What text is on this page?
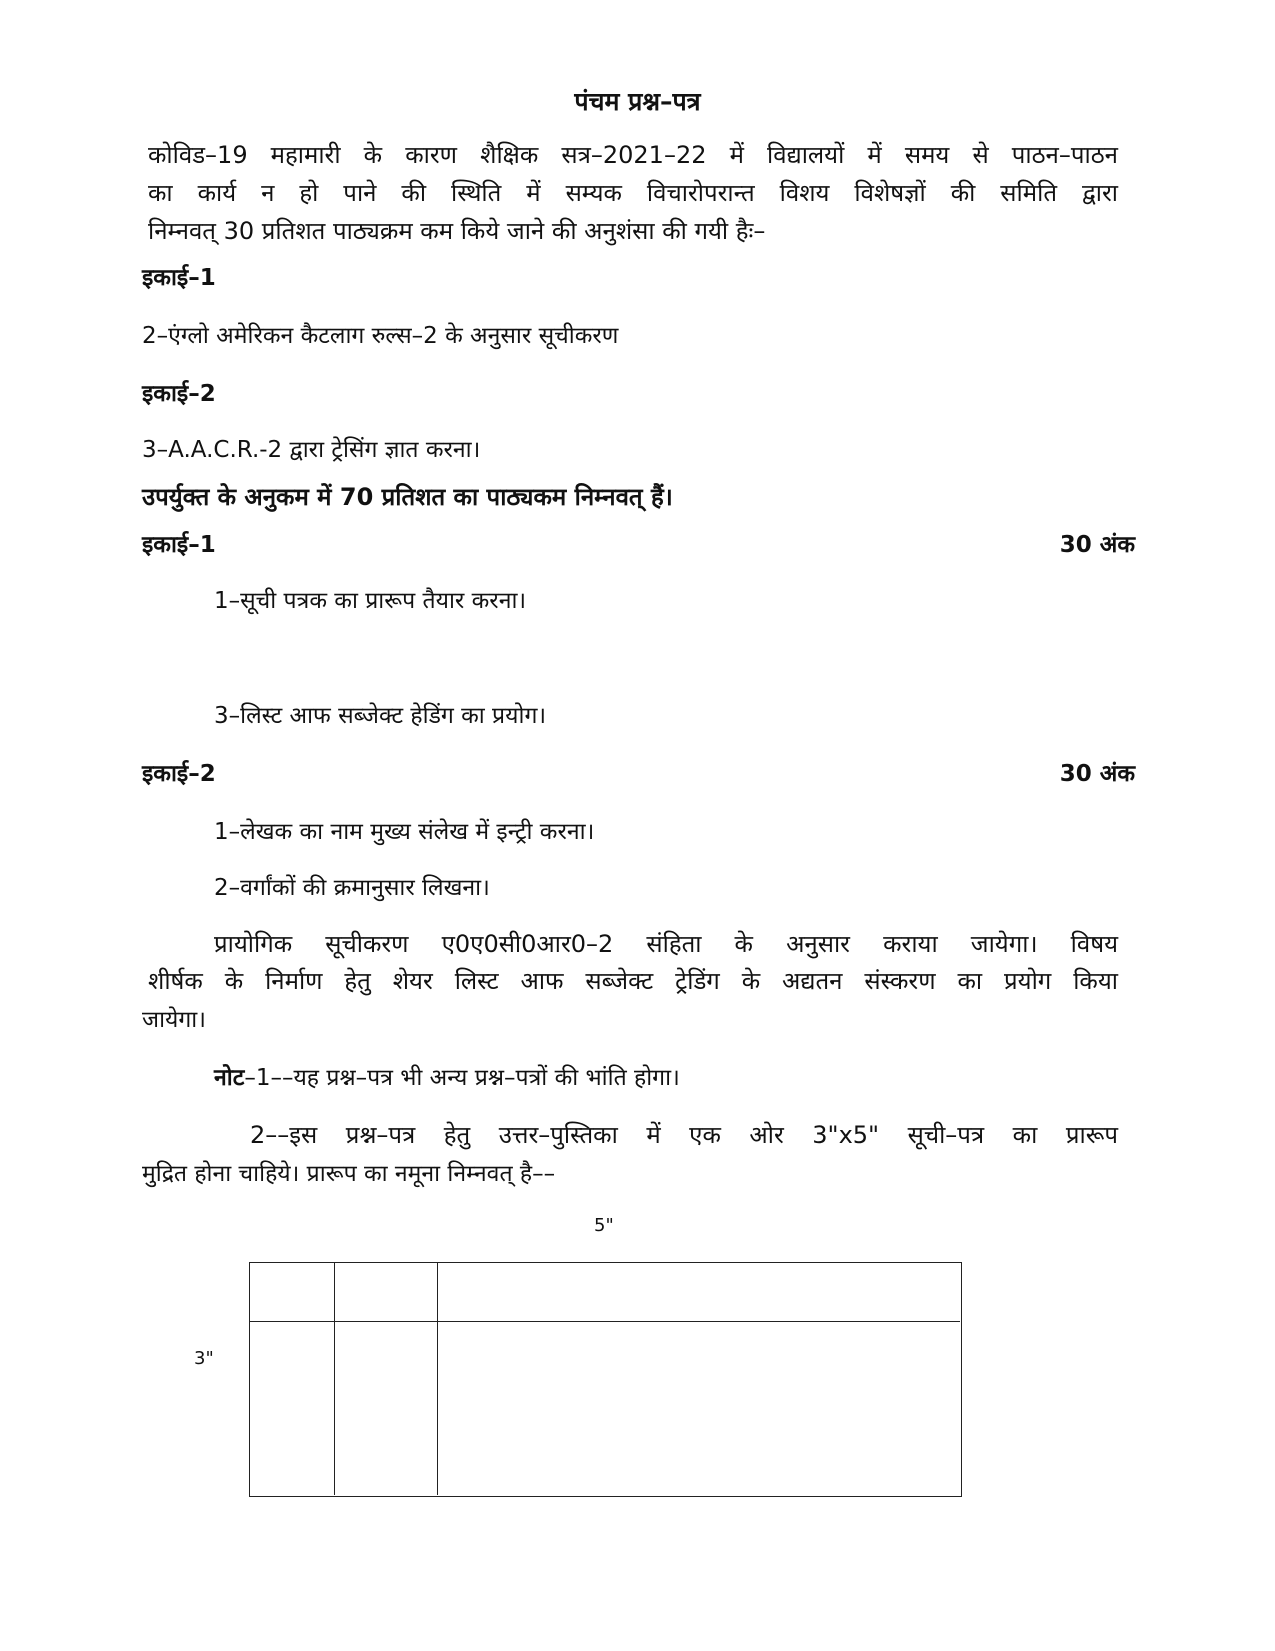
पंचम प्रश्न–पत्र
कोविड–19 महामारी के कारण शैक्षिक सत्र–2021–22 में विद्यालयों में समय से पाठन–पाठन
का कार्य न हो पाने की स्थिति में सम्यक विचारोपरान्त विशय विशेषज्ञों की समिति द्वारा
निम्नवत् 30 प्रतिशत पाठ्यक्रम कम किये जाने की अनुशंसा की गयी हैः–
इकाई–1
2–एंग्लो अमेरिकन कैटलाग रुल्स–2 के अनुसार सूचीकरण
इकाई–2
3–A.A.C.R.-2 द्वारा ट्रेसिंग ज्ञात करना।
उपर्युक्त के अनुकम में 70 प्रतिशत का पाठ्यकम निम्नवत् हैं।
इकाई–1	30 अंक
1–सूची पत्रक का प्रारूप तैयार करना।
3–लिस्ट आफ सब्जेक्ट हेडिंग का प्रयोग।
इकाई–2	30 अंक
1–लेखक का नाम मुख्य संलेख में इन्ट्री करना।
2–वर्गांकों की क्रमानुसार लिखना।
प्रायोगिक सूचीकरण ए0ए0सी0आर0–2 संहिता के अनुसार कराया जायेगा। विषय
शीर्षक के निर्माण हेतु शेयर लिस्ट आफ सब्जेक्ट ट्रेडिंग के अद्यतन संस्करण का प्रयोग किया
जायेगा।
नोट–1––यह प्रश्न–पत्र भी अन्य प्रश्न–पत्रों की भांति होगा।
2––इस प्रश्न–पत्र हेतु उत्तर–पुस्तिका में एक ओर 3"x5" सूची–पत्र का प्रारूप
मुद्रित होना चाहिये। प्रारूप का नमूना निम्नवत् है––
5"
3"
